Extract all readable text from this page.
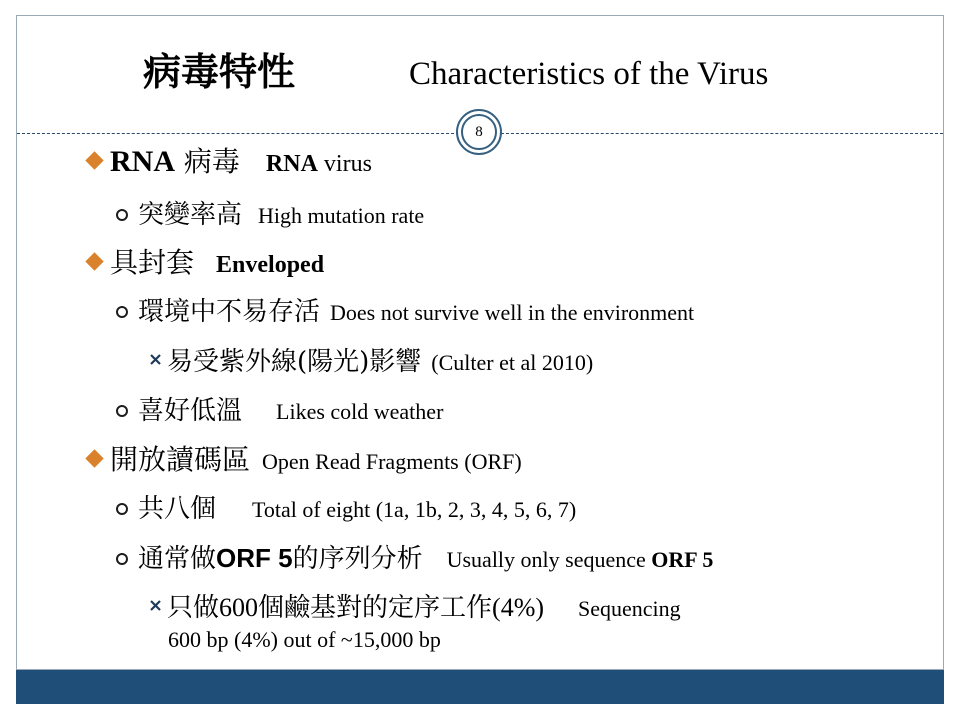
病毒特性	Characteristics of the Virus
8
RNA 病毒 RNA virus
突變率高 High mutation rate
具封套 Enveloped
環境中不易存活 Does not survive well in the environment
易受紫外線(陽光)影響 (Culter et al 2010)
喜好低溫 Likes cold weather
開放讀碼區 Open Read Fragments (ORF)
共八個 Total of eight (1a, 1b, 2, 3, 4, 5, 6, 7)
通常做ORF 5的序列分析 Usually only sequence ORF 5
只做600個鹼基對的定序工作(4%) Sequencing
600 bp (4%) out of ~15,000 bp
